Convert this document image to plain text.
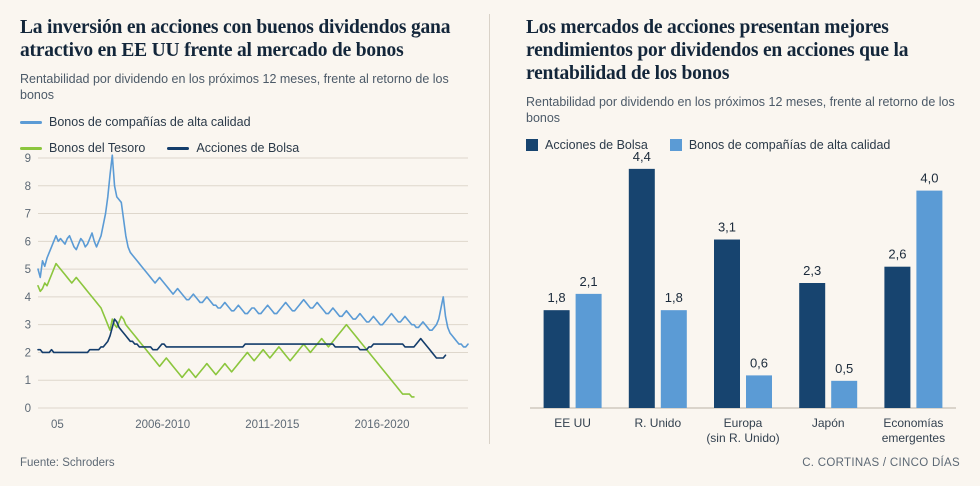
La inversión en acciones con buenos dividendos gana atractivo en EE UU frente al mercado de bonos
Rentabilidad por dividendo en los próximos 12 meses, frente al retorno de los bonos
Bonos de compañías de alta calidad
Bonos del Tesoro	Acciones de Bolsa
0
1
2
3
4
5
6
7
8
9
05	2006-2010	2011-2015	2016-2020
Fuente: Schroders
Los mercados de acciones presentan mejores rendimientos por dividendos en acciones que la rentabilidad de los bonos
Rentabilidad por dividendo en los próximos 12 meses, frente al retorno de los bonos
Acciones de Bolsa	Bonos de compañías de alta calidad
1,8
2,1
EE UU
4,4
1,8
R. Unido
3,1
0,6
Europa
(sin R. Unido)
2,3
0,5
Japón
2,6
4,0
Economías
emergentes
C. CORTINAS / CINCO DÍAS
